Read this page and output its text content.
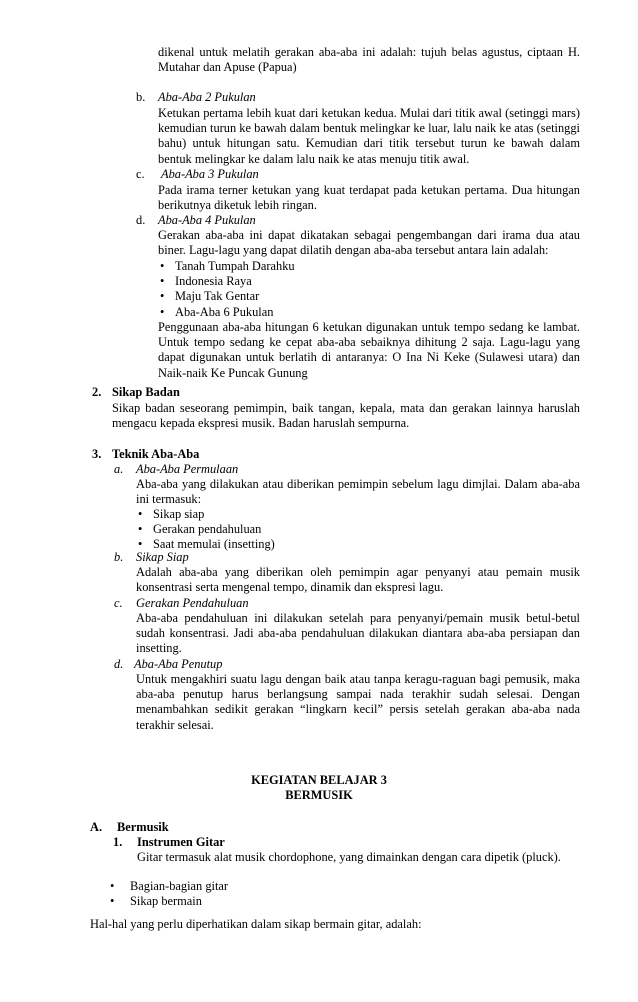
dikenal untuk melatih gerakan aba-aba ini adalah: tujuh belas agustus, ciptaan H. Mutahar dan Apuse (Papua)

b.	Aba-Aba 2 Pukulan

Ketukan pertama lebih kuat dari ketukan kedua. Mulai dari titik awal (setinggi mars) kemudian turun ke bawah dalam bentuk melingkar ke luar, lalu naik ke atas (setinggi bahu) untuk hitungan satu. Kemudian dari titik tersebut turun ke bawah dalam bentuk melingkar ke dalam lalu naik ke atas menuju titik awal.

c.	Aba-Aba 3 Pukulan

Pada irama terner ketukan yang kuat terdapat pada ketukan pertama. Dua hitungan berikutnya diketuk lebih ringan.

d.	Aba-Aba 4 Pukulan

Gerakan aba-aba ini dapat dikatakan sebagai pengembangan dari irama dua atau biner. Lagu-lagu yang dapat dilatih dengan aba-aba tersebut antara lain adalah:

• Tanah Tumpah Darahku
• Indonesia Raya
• Maju Tak Gentar
• Aba-Aba 6 Pukulan

Penggunaan aba-aba hitungan 6 ketukan digunakan untuk tempo sedang ke lambat. Untuk tempo sedang ke cepat aba-aba sebaiknya dihitung 2 saja. Lagu-lagu yang dapat digunakan untuk berlatih di antaranya: O Ina Ni Keke (Sulawesi utara) dan Naik-naik Ke Puncak Gunung

2. Sikap Badan

Sikap badan seseorang pemimpin, baik tangan, kepala, mata dan gerakan lainnya haruslah mengacu kepada ekspresi musik. Badan haruslah sempurna.

3. Teknik Aba-Aba
a.	Aba-Aba Permulaan

Aba-aba yang dilakukan atau diberikan pemimpin sebelum lagu dimjlai. Dalam aba-aba ini termasuk:

• Sikap siap
• Gerakan pendahuluan
• Saat memulai (insetting)
b.	Sikap Siap

Adalah aba-aba yang diberikan oleh pemimpin agar penyanyi atau pemain musik konsentrasi serta mengenal tempo, dinamik dan ekspresi lagu.

c.	Gerakan Pendahuluan

Aba-aba pendahuluan ini dilakukan setelah para penyanyi/pemain musik betul-betul sudah konsentrasi. Jadi aba-aba pendahuluan dilakukan diantara aba-aba persiapan dan insetting.

d. Aba-Aba Penutup

Untuk mengakhiri suatu lagu dengan baik atau tanpa keragu-raguan bagi pemusik, maka aba-aba penutup harus berlangsung sampai nada terakhir sudah selesai. Dengan menambahkan sedikit gerakan “lingkarn kecil” persis setelah gerakan aba-aba nada terakhir selesai.

KEGIATAN BELAJAR 3
BERMUSIK
A.	Bermusik
1.	Instrumen Gitar

Gitar termasuk alat musik chordophone, yang dimainkan dengan cara dipetik (pluck).

• Bagian-bagian gitar
• Sikap bermain

Hal-hal yang perlu diperhatikan dalam sikap bermain gitar, adalah:
